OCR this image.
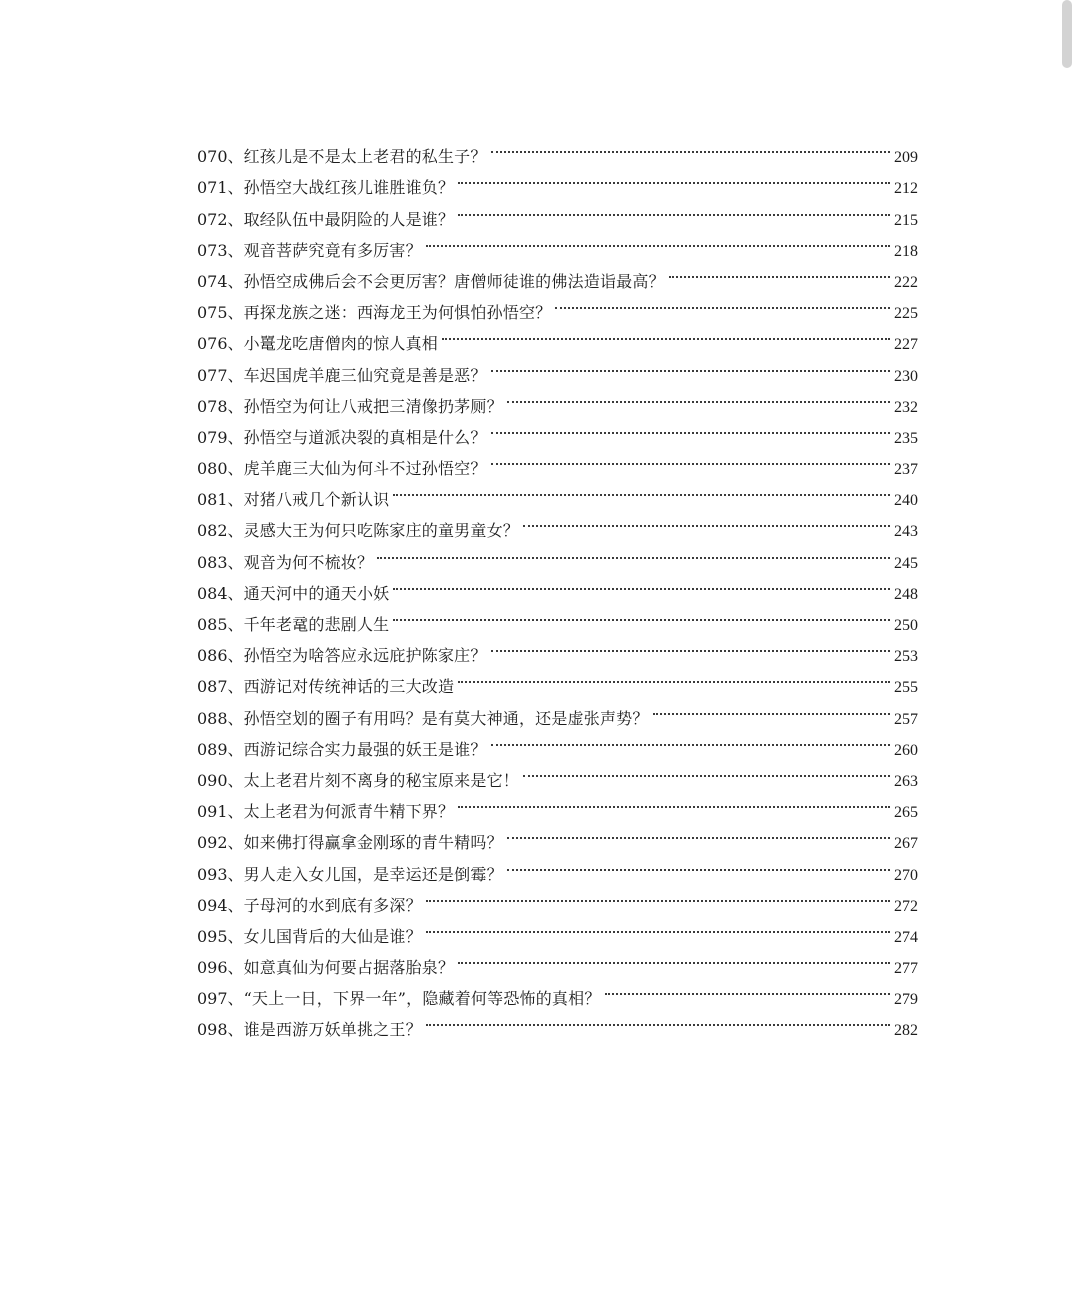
070 、 红孩儿是不是太上老君的私生子？	209
071 、 孙悟空大战红孩儿谁胜谁负？	212
072 、 取经队伍中最阴险的人是谁？	215
073 、 观音菩萨究竟有多厉害？	218
074 、 孙悟空成佛后会不会更厉害？唐僧师徒谁的佛法造诣最高？	222
075 、 再探龙族之迷：西海龙王为何惧怕孙悟空？	225
076 、 小鼍龙吃唐僧肉的惊人真相	227
077 、 车迟国虎羊鹿三仙究竟是善是恶？	230
078 、 孙悟空为何让八戒把三清像扔茅厕？	232
079 、 孙悟空与道派决裂的真相是什么？	235
080 、 虎羊鹿三大仙为何斗不过孙悟空？	237
081 、 对猪八戒几个新认识	240
082 、 灵感大王为何只吃陈家庄的童男童女？	243
083 、 观音为何不梳妆？	245
084 、 通天河中的通天小妖	248
085 、 千年老鼋的悲剧人生	250
086 、 孙悟空为啥答应永远庇护陈家庄？	253
087 、 西游记对传统神话的三大改造	255
088 、 孙悟空划的圈子有用吗？是有莫大神通，还是虚张声势？	257
089 、 西游记综合实力最强的妖王是谁？	260
090 、 太上老君片刻不离身的秘宝原来是它！	263
091 、 太上老君为何派青牛精下界？	265
092 、 如来佛打得赢拿金刚琢的青牛精吗？	267
093 、 男人走入女儿国，是幸运还是倒霉？	270
094 、 子母河的水到底有多深？	272
095 、 女儿国背后的大仙是谁？	274
096 、 如意真仙为何要占据落胎泉？	277
097 、 “天上一日，下界一年”，隐藏着何等恐怖的真相？	279
098 、 谁是西游万妖单挑之王？	282
